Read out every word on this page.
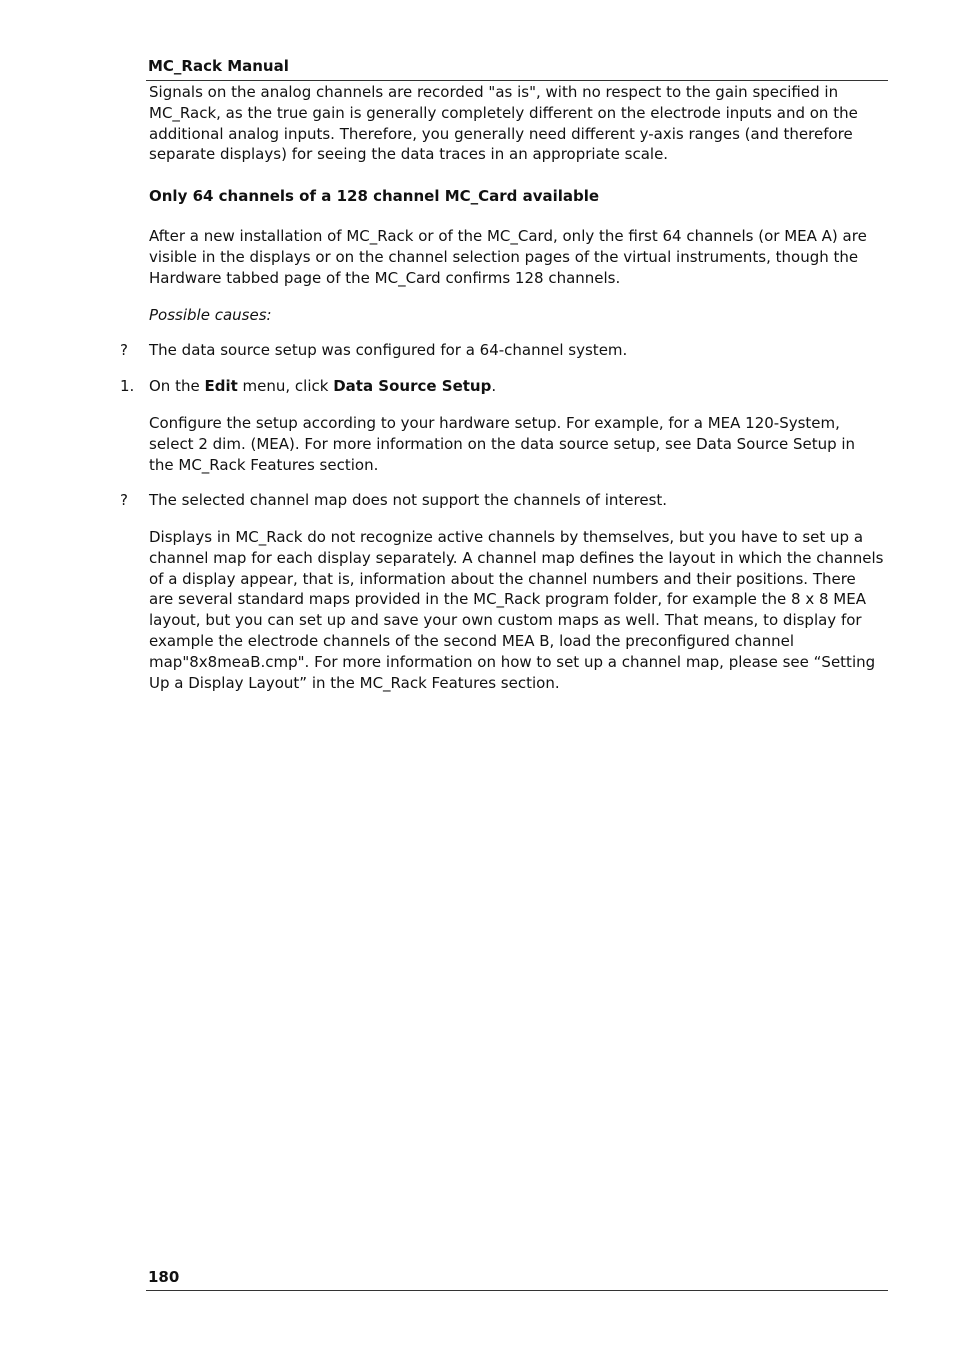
MC_Rack Manual

Signals on the analog channels are recorded "as is", with no respect to the gain specified in MC_Rack, as the true gain is generally completely different on the electrode inputs and on the additional analog inputs. Therefore, you generally need different y-axis ranges (and therefore separate displays) for seeing the data traces in an appropriate scale.

Only 64 channels of a 128 channel MC_Card available

After a new installation of MC_Rack or of the MC_Card, only the first 64 channels (or MEA A) are visible in the displays or on the channel selection pages of the virtual instruments, though the Hardware tabbed page of the MC_Card confirms 128 channels.

Possible causes:

? The data source setup was configured for a 64-channel system.

1. On the Edit menu, click Data Source Setup.

Configure the setup according to your hardware setup. For example, for a MEA 120-System, select 2 dim. (MEA). For more information on the data source setup, see Data Source Setup in the MC_Rack Features section.

? The selected channel map does not support the channels of interest.

Displays in MC_Rack do not recognize active channels by themselves, but you have to set up a channel map for each display separately. A channel map defines the layout in which the channels of a display appear, that is, information about the channel numbers and their positions. There are several standard maps provided in the MC_Rack program folder, for example the 8 x 8 MEA layout, but you can set up and save your own custom maps as well. That means, to display for example the electrode channels of the second MEA B, load the preconfigured channel map"8x8meaB.cmp". For more information on how to set up a channel map, please see “Setting Up a Display Layout” in the MC_Rack Features section.

180
